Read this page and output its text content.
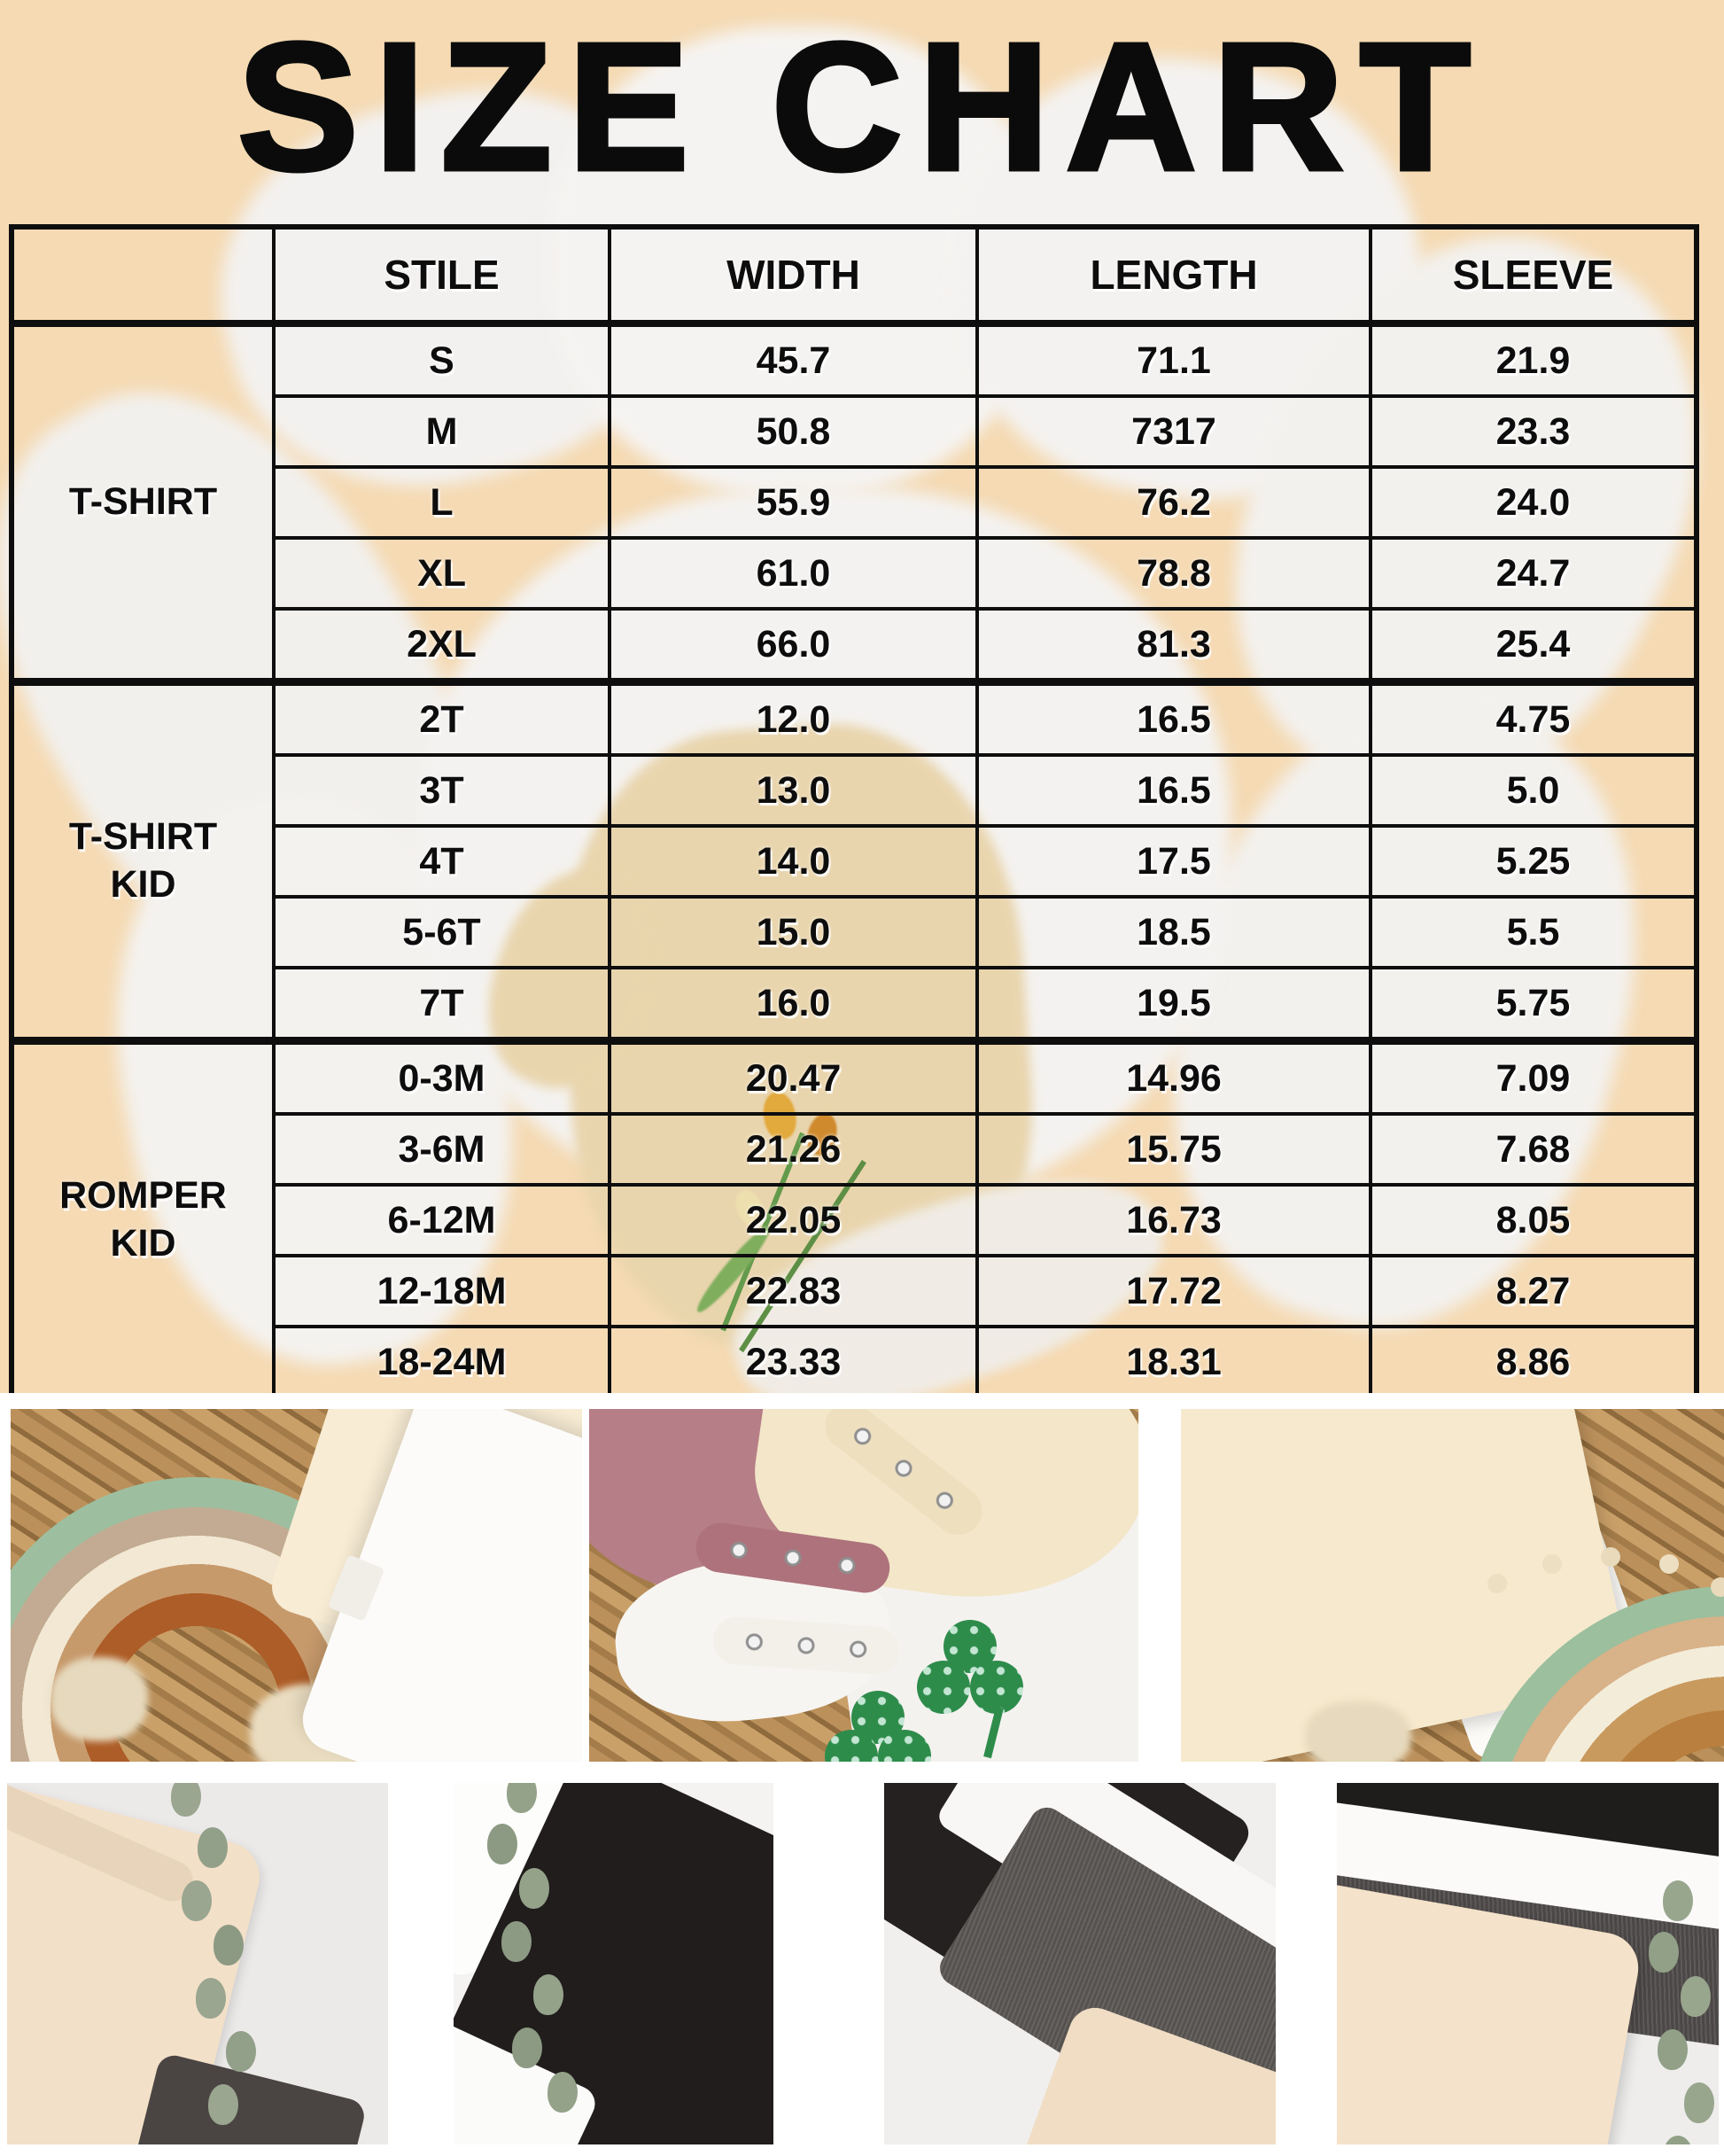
SIZE CHART
	STILE	WIDTH	LENGTH	SLEEVE
T-SHIRT	S	45.7	71.1	21.9
	M	50.8	7317	23.3
	L	55.9	76.2	24.0
	XL	61.0	78.8	24.7
	2XL	66.0	81.3	25.4
T-SHIRT KID	2T	12.0	16.5	4.75
	3T	13.0	16.5	5.0
	4T	14.0	17.5	5.25
	5-6T	15.0	18.5	5.5
	7T	16.0	19.5	5.75
ROMPER KID	0-3M	20.47	14.96	7.09
	3-6M	21.26	15.75	7.68
	6-12M	22.05	16.73	8.05
	12-18M	22.83	17.72	8.27
	18-24M	23.33	18.31	8.86
